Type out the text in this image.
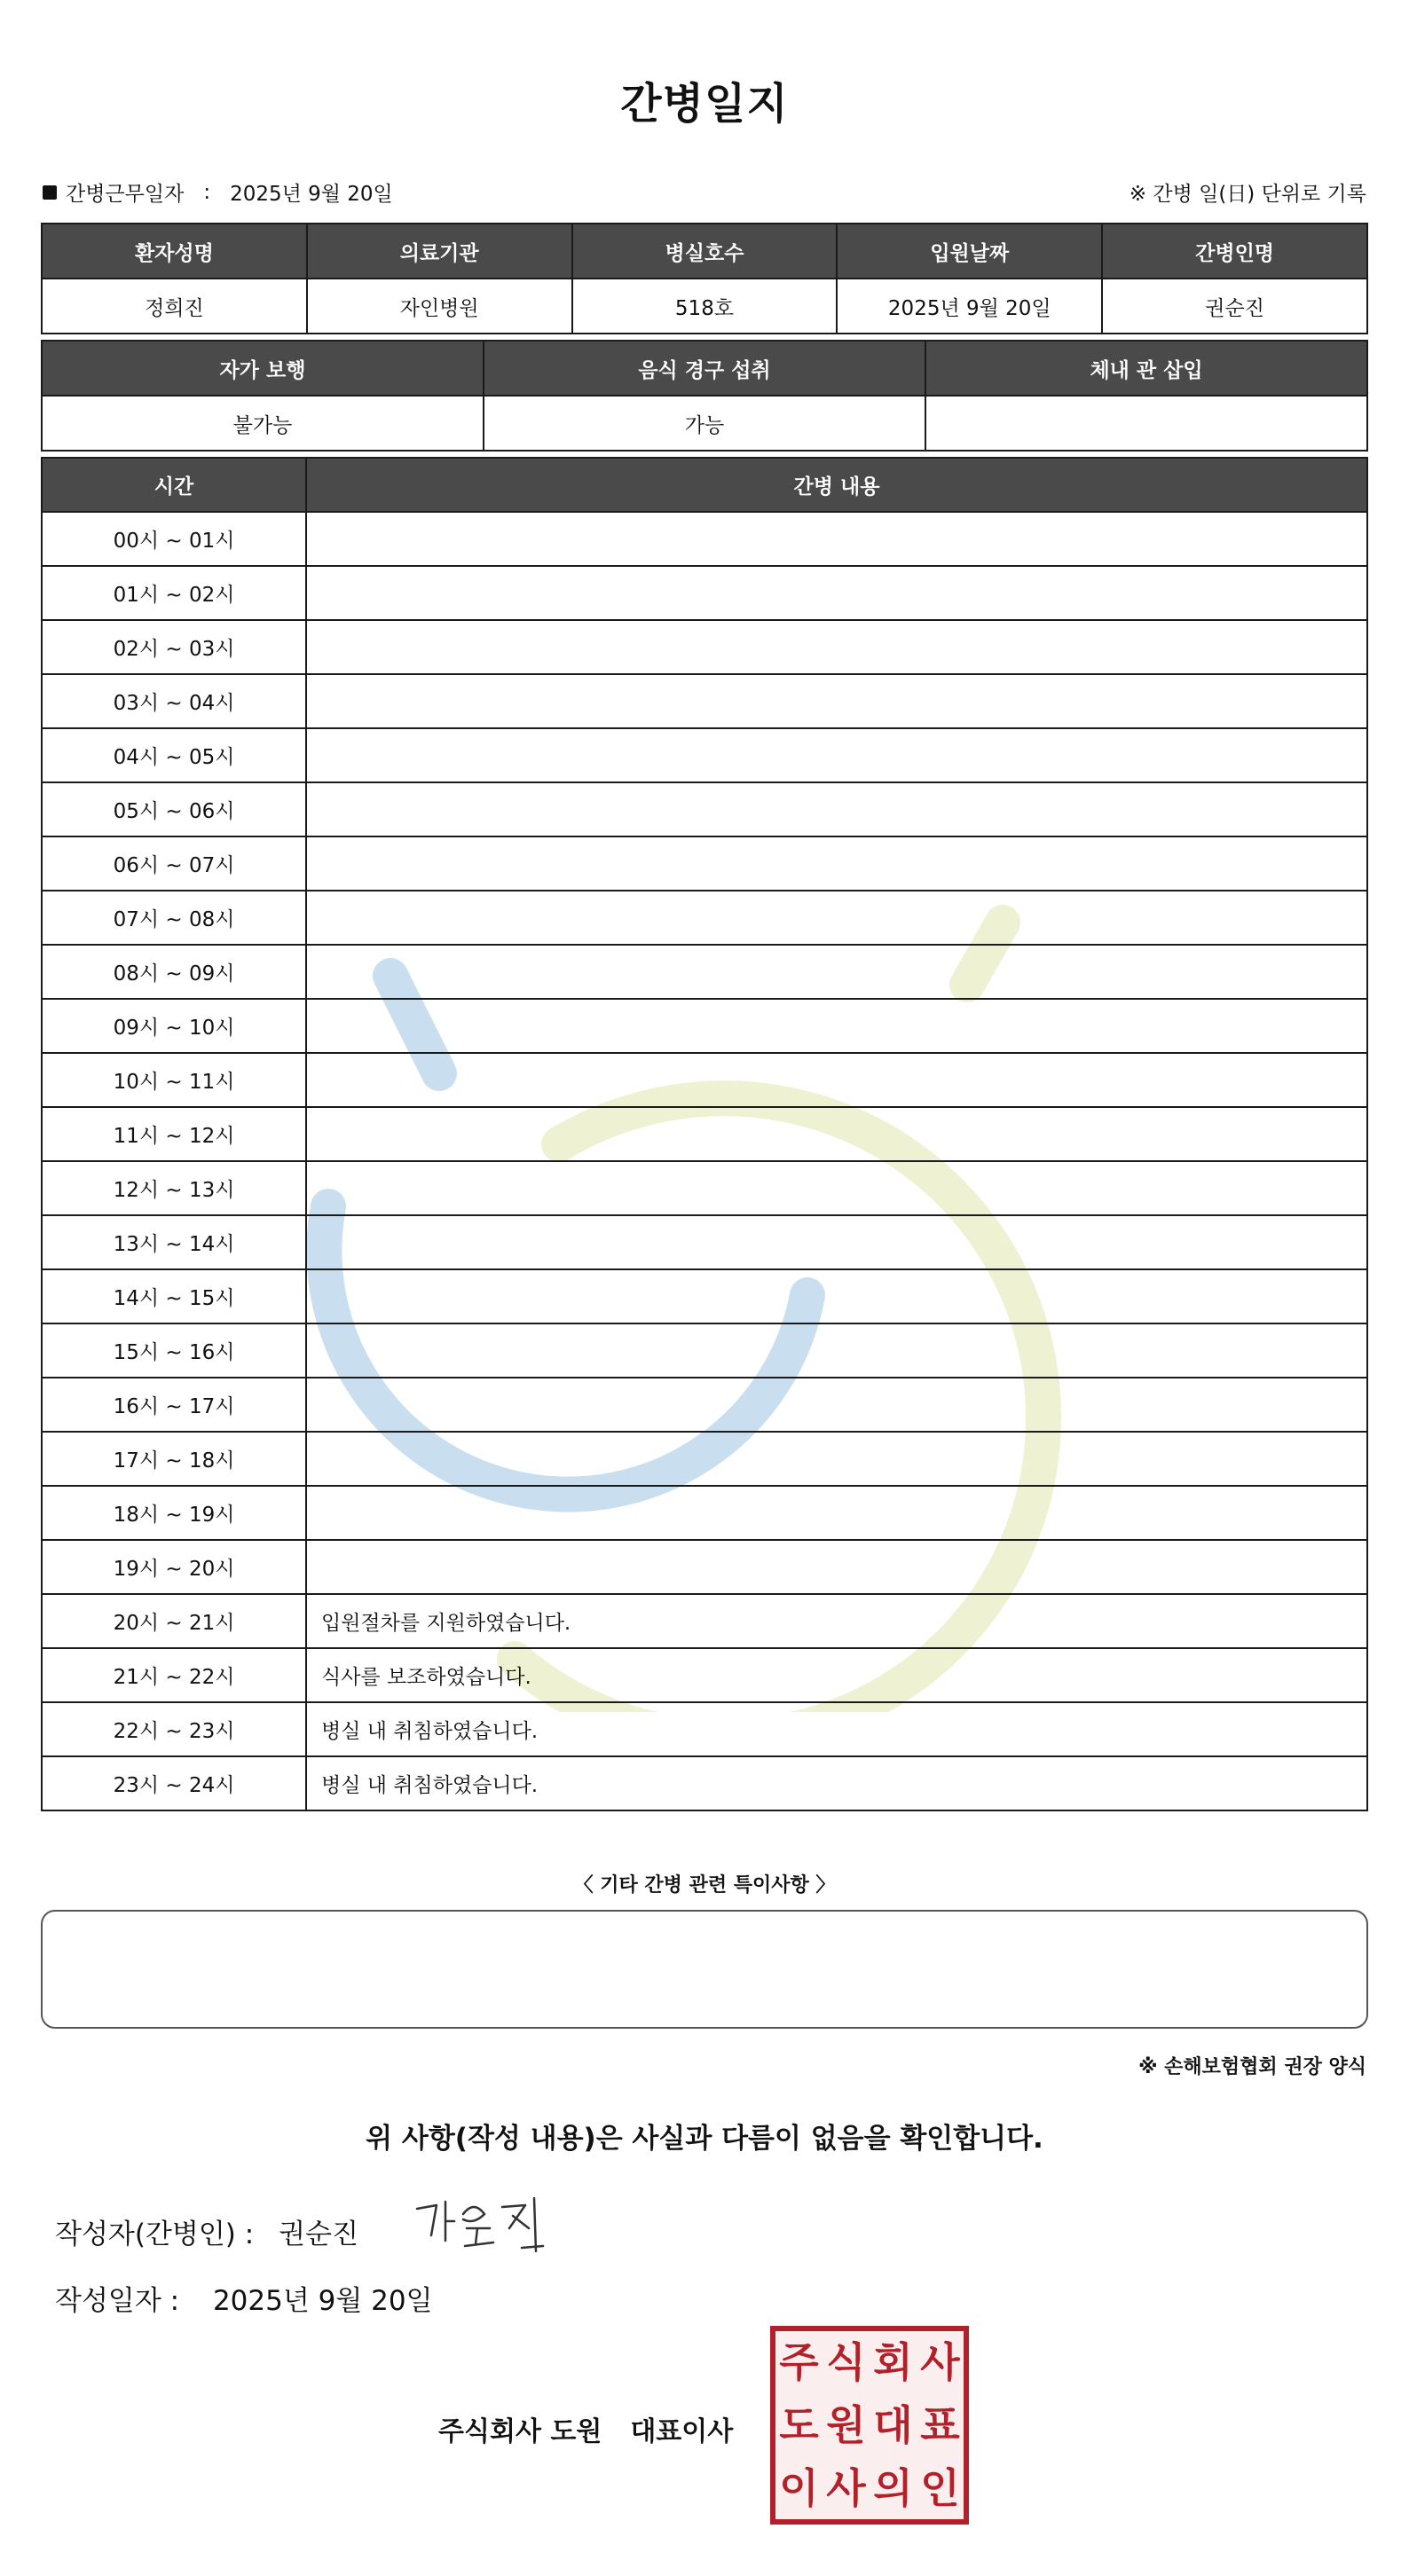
간병일지
간병근무일자 : 2025년 9월 20일	※ 간병 일(日) 단위로 기록
환자성명	의료기관	병실호수	입원날짜	간병인명
정희진	자인병원	518호	2025년 9월 20일	권순진
자가 보행	음식 경구 섭취	체내 관 삽입
불가능	가능	
시간	간병 내용
00시 ~ 01시	
01시 ~ 02시	
02시 ~ 03시	
03시 ~ 04시	
04시 ~ 05시	
05시 ~ 06시	
06시 ~ 07시	
07시 ~ 08시	
08시 ~ 09시	
09시 ~ 10시	
10시 ~ 11시	
11시 ~ 12시	
12시 ~ 13시	
13시 ~ 14시	
14시 ~ 15시	
15시 ~ 16시	
16시 ~ 17시	
17시 ~ 18시	
18시 ~ 19시	
19시 ~ 20시	
20시 ~ 21시	입원절차를 지원하였습니다.
21시 ~ 22시	식사를 보조하였습니다.
22시 ~ 23시	병실 내 취침하였습니다.
23시 ~ 24시	병실 내 취침하였습니다.
〈 기타 간병 관련 특이사항 〉
※ 손해보험협회 권장 양식
위 사항(작성 내용)은 사실과 다름이 없음을 확인합니다.
작성자(간병인) : 권순진
작성일자 : 2025년 9월 20일
주식회사 도원 대표이사
주 식 회 사
도 원 대 표
이 사 의 인
